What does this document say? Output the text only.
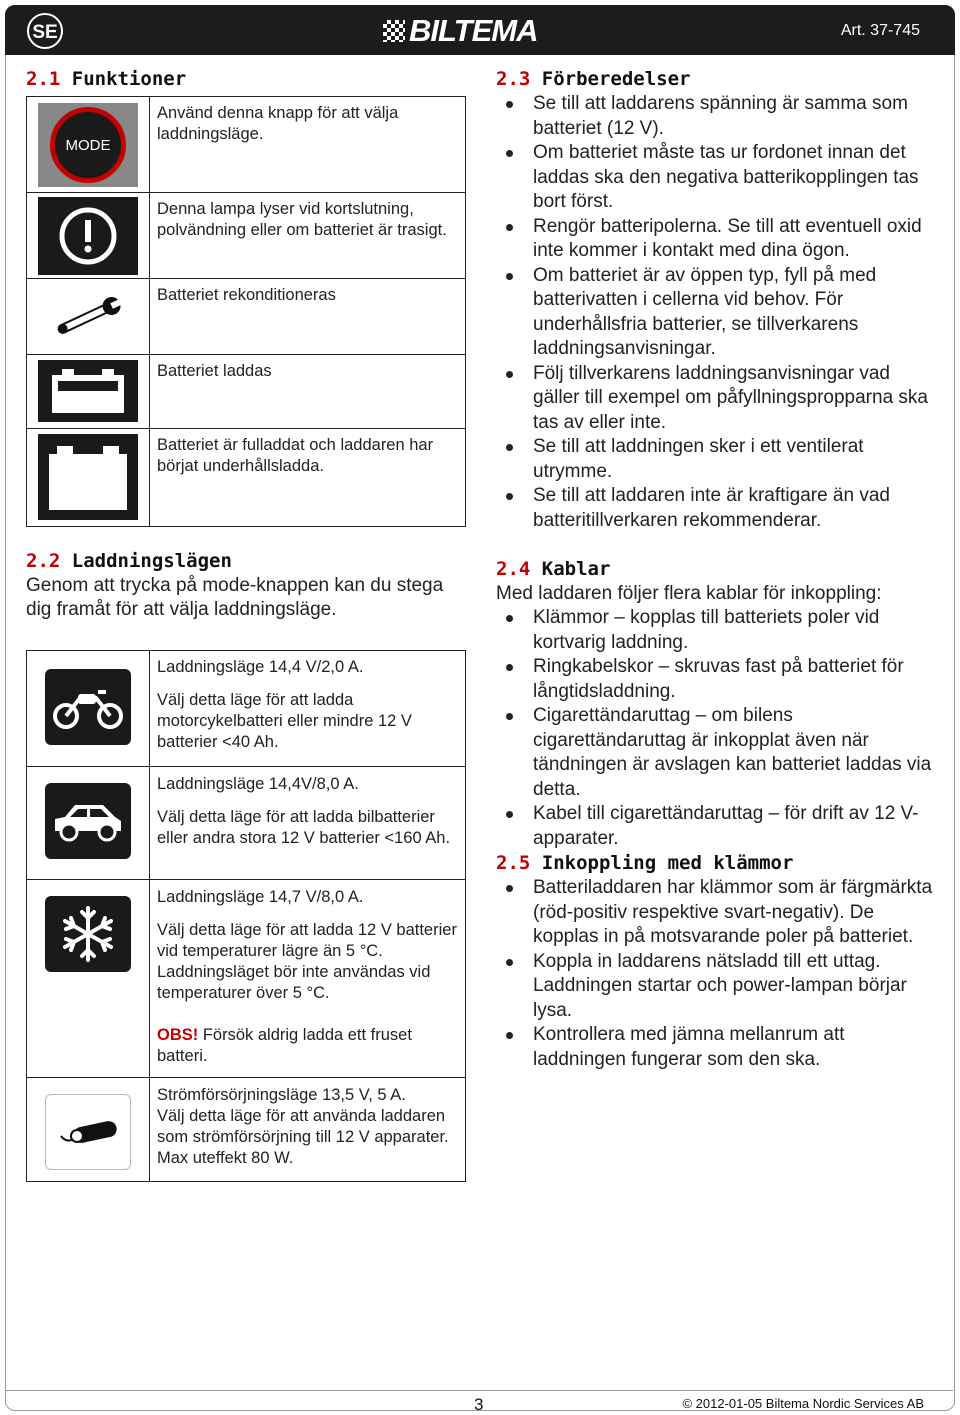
SE	BILTEMA	Art. 37-745
2.1 Funktioner
MODE	Använd denna knapp för att välja laddningsläge.

	Denna lampa lyser vid kortslutning, polvändning eller om batteriet är trasigt.

	Batteriet rekonditioneras

	Batteriet laddas

	Batteriet är fulladdat och laddaren har börjat underhållsladda.
2.2 Laddningslägen

Genom att trycka på mode-knappen kan du stega dig framåt för att välja laddningsläge.

Laddningsläge 14,4 V/2,0 A.
Välj detta läge för att ladda motorcykelbatteri eller mindre 12 V batterier <40 Ah.

Laddningsläge 14,4V/8,0 A.
Välj detta läge för att ladda bilbatterier eller andra stora 12 V batterier <160 Ah.

Laddningsläge 14,7 V/8,0 A.
Välj detta läge för att ladda 12 V batterier vid temperaturer lägre än 5 °C. Laddningsläget bör inte användas vid temperaturer över 5 °C.
OBS! Försök aldrig ladda ett fruset batteri.

Strömförsörjningsläge 13,5 V, 5 A.
Välj detta läge för att använda laddaren som strömförsörjning till 12 V apparater. Max uteffekt 80 W.
2.3 Förberedelser
Se till att laddarens spänning är samma som batteriet (12 V).
Om batteriet måste tas ur fordonet innan det laddas ska den negativa batterikopplingen tas bort först.
Rengör batteripolerna. Se till att eventuell oxid inte kommer i kontakt med dina ögon.
Om batteriet är av öppen typ, fyll på med batterivatten i cellerna vid behov. För underhållsfria batterier, se tillverkarens laddningsanvisningar.
Följ tillverkarens laddningsanvisningar vad gäller till exempel om påfyllningspropparna ska tas av eller inte.
Se till att laddningen sker i ett ventilerat utrymme.
Se till att laddaren inte är kraftigare än vad batteritillverkaren rekommenderar.
2.4 Kablar

Med laddaren följer flera kablar för inkoppling:

Klämmor – kopplas till batteriets poler vid kortvarig laddning.
Ringkabelskor – skruvas fast på batteriet för långtidsladdning.
Cigarettändaruttag – om bilens cigarettändaruttag är inkopplat även när tändningen är avslagen kan batteriet laddas via detta.
Kabel till cigarettändaruttag – för drift av 12 V-apparater.
2.5 Inkoppling med klämmor
Batteriladdaren har klämmor som är färgmärkta (röd-positiv respektive svart-negativ). De kopplas in på motsvarande poler på batteriet.
Koppla in laddarens nätsladd till ett uttag. Laddningen startar och power-lampan börjar lysa.
Kontrollera med jämna mellanrum att laddningen fungerar som den ska.
3	© 2012-01-05 Biltema Nordic Services AB
